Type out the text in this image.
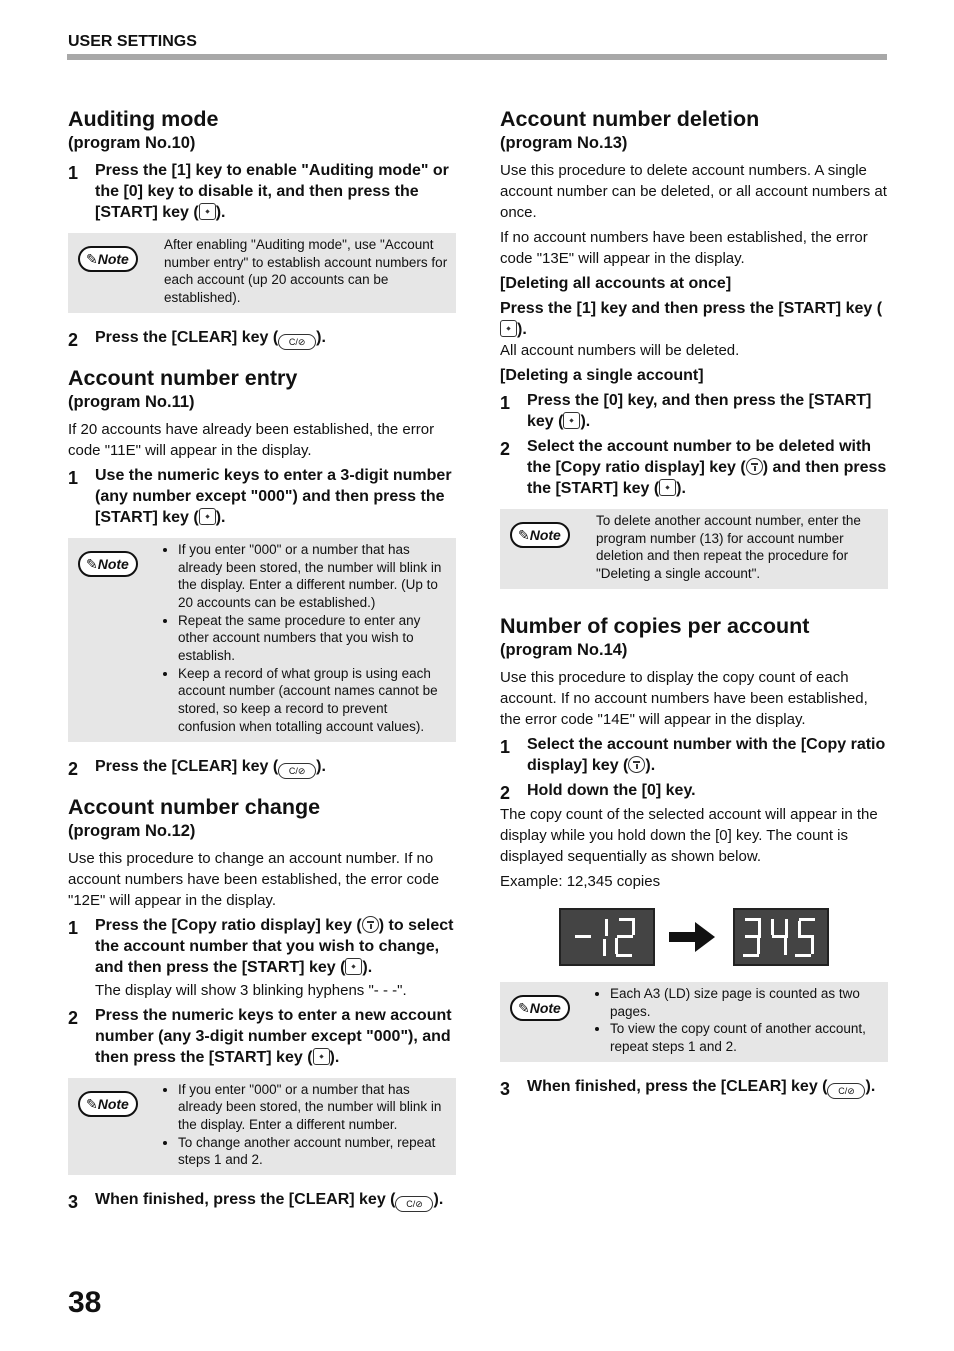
USER SETTINGS
Auditing mode
(program No.10)
1	Press the [1] key to enable "Auditing mode" or the [0] key to disable it, and then press the [START] key ( ).
✎Note
After enabling "Auditing mode", use "Account number entry" to establish account numbers for each account (up 20 accounts can be established).
2	Press the [CLEAR] key ( C/⊘ ).
Account number entry
(program No.11)

If 20 accounts have already been established, the error code "11E" will appear in the display.

1	Use the numeric keys to enter a 3-digit number (any number except "000") and then press the [START] key ( ).
✎Note
• If you enter "000" or a number that has already been stored, the number will blink in the display. Enter a different number. (Up to 20 accounts can be established.)
• Repeat the same procedure to enter any other account numbers that you wish to establish.
• Keep a record of what group is using each account number (account names cannot be stored, so keep a record to prevent confusion when totalling account values).
2	Press the [CLEAR] key ( C/⊘ ).
Account number change
(program No.12)

Use this procedure to change an account number. If no account numbers have been established, the error code "12E" will appear in the display.

1	Press the [Copy ratio display] key ( ) to select the account number that you wish to change, and then press the [START] key ( ).
The display will show 3 blinking hyphens "- - -".
2	Press the numeric keys to enter a new account number (any 3-digit number except "000"), and then press the [START] key ( ).
✎Note
• If you enter "000" or a number that has already been stored, the number will blink in the display. Enter a different number.
• To change another account number, repeat steps 1 and 2.
3	When finished, press the [CLEAR] key ( C/⊘ ).
Account number deletion
(program No.13)

Use this procedure to delete account numbers. A single account number can be deleted, or all account numbers at once.

If no account numbers have been established, the error code "13E" will appear in the display.

[Deleting all accounts at once]
Press the [1] key and then press the [START] key ().

All account numbers will be deleted.

[Deleting a single account]
1	Press the [0] key, and then press the [START] key ( ).
2	Select the account number to be deleted with the [Copy ratio display] key ( ) and then press the [START] key ( ).
✎Note
To delete another account number, enter the program number (13) for account number deletion and then repeat the procedure for "Deleting a single account".
Number of copies per account
(program No.14)

Use this procedure to display the copy count of each account. If no account numbers have been established, the error code "14E" will appear in the display.

1	Select the account number with the [Copy ratio display] key ( ).
2	Hold down the [0] key.

The copy count of the selected account will appear in the display while you hold down the [0] key. The count is displayed sequentially as shown below.

Example: 12,345 copies

✎Note
• Each A3 (LD) size page is counted as two pages.
• To view the copy count of another account, repeat steps 1 and 2.
3	When finished, press the [CLEAR] key ( C/⊘ ).
38
